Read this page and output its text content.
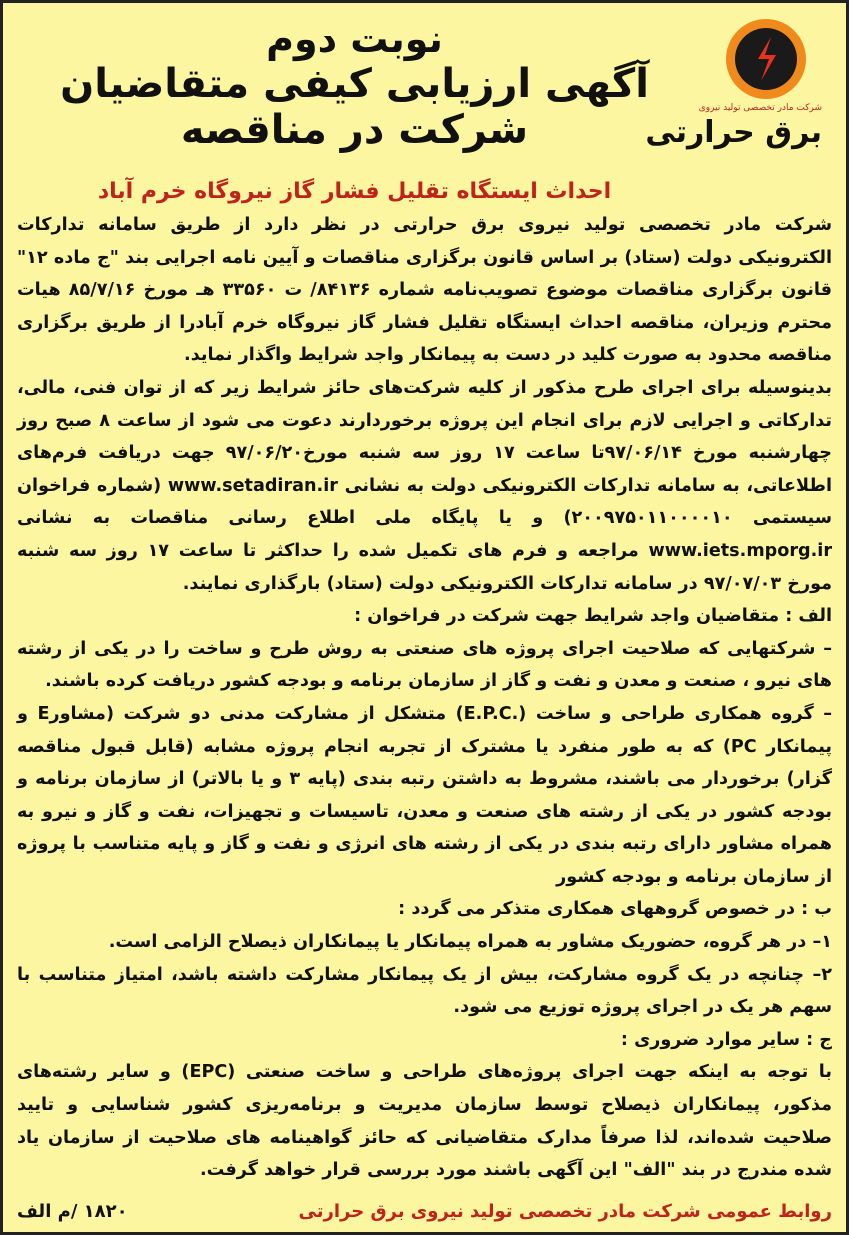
شرکت مادر تخصصی تولید نیروی
برق حرارتی
نوبت دوم
آگهی ارزیابی کیفی متقاضیان شرکت در مناقصه
احداث ایستگاه تقلیل فشار گاز نیروگاه خرم آباد

شرکت مادر تخصصی تولید نیروی برق حرارتی در نظر دارد از طریق سامانه تدارکات الکترونیکی دولت (ستاد) بر اساس قانون برگزاری مناقصات و آیین نامه اجرایی بند "ج ماده ۱۲" قانون برگزاری مناقصات موضوع تصویب‌نامه شماره ۸۴۱۳۶/ ت ۳۳۵۶۰ هـ مورخ ۸۵/۷/۱۶ هیات محترم وزیران، مناقصه احداث ایستگاه تقلیل فشار گاز نیروگاه خرم آبادرا از طریق برگزاری مناقصه محدود به صورت کلید در دست به پیمانکار واجد شرایط واگذار نماید.

بدینوسیله برای اجرای طرح مذکور از کلیه شرکت‌های حائز شرایط زیر که از توان فنی، مالی، تدارکاتی و اجرایی لازم برای انجام این پروژه برخوردارند دعوت می شود از ساعت ۸ صبح روز چهارشنبه مورخ ۹۷/۰۶/۱۴تا ساعت ۱۷ روز سه شنبه مورخ۹۷/۰۶/۲۰ جهت دریافت فرم‌های اطلاعاتی، به سامانه تدارکات الکترونیکی دولت به نشانی www.setadiran.ir (شماره فراخوان سیستمی ۲۰۰۹۷۵۰۱۱۰۰۰۰۱۰) و یا پایگاه ملی اطلاع رسانی مناقصات به نشانی www.iets.mporg.ir مراجعه و فرم های تکمیل شده را حداکثر تا ساعت ۱۷ روز سه شنبه مورخ ۹۷/۰۷/۰۳ در سامانه تدارکات الکترونیکی دولت (ستاد) بارگذاری نمایند.

الف : متقاضیان واجد شرایط جهت شرکت در فراخوان :

– شرکتهایی که صلاحیت اجرای پروژه های صنعتی به روش طرح و ساخت را در یکی از رشته های نیرو ، صنعت و معدن و نفت و گاز از سازمان برنامه و بودجه کشور دریافت کرده باشند.

– گروه همکاری طراحی و ساخت (.E.P.C) متشکل از مشارکت مدنی دو شرکت (مشاورE و پیمانکار PC) که به طور منفرد یا مشترک از تجربه انجام پروژه مشابه (قابل قبول مناقصه گزار) برخوردار می باشند، مشروط به داشتن رتبه بندی (پایه ۳ و یا بالاتر) از سازمان برنامه و بودجه کشور در یکی از رشته های صنعت و معدن، تاسیسات و تجهیزات، نفت و گاز و نیرو به همراه مشاور دارای رتبه بندی در یکی از رشته های انرژی و نفت و گاز و پایه متناسب با پروژه از سازمان برنامه و بودجه کشور

ب : در خصوص گروههای همکاری متذکر می گردد :

۱– در هر گروه، حضوریک مشاور به همراه پیمانکار یا پیمانکاران ذیصلاح الزامی است.

۲– چنانچه در یک گروه مشارکت، بیش از یک پیمانکار مشارکت داشته باشد، امتیاز متناسب با سهم هر یک در اجرای پروژه توزیع می شود.

ج : سایر موارد ضروری :

با توجه به اینکه جهت اجرای پروژه‌های طراحی و ساخت صنعتی (EPC) و سایر رشته‌های مذکور، پیمانکاران ذیصلاح توسط سازمان مدیریت و برنامه‌ریزی کشور شناسایی و تایید صلاحیت شده‌اند، لذا صرفاً مدارک متقاضیانی که حائز گواهینامه های صلاحیت از سازمان یاد شده مندرج در بند "الف" این آگهی باشند مورد بررسی قرار خواهد گرفت.

روابط عمومی شرکت مادر تخصصی تولید نیروی برق حرارتی
۱۸۲۰ /م الف
